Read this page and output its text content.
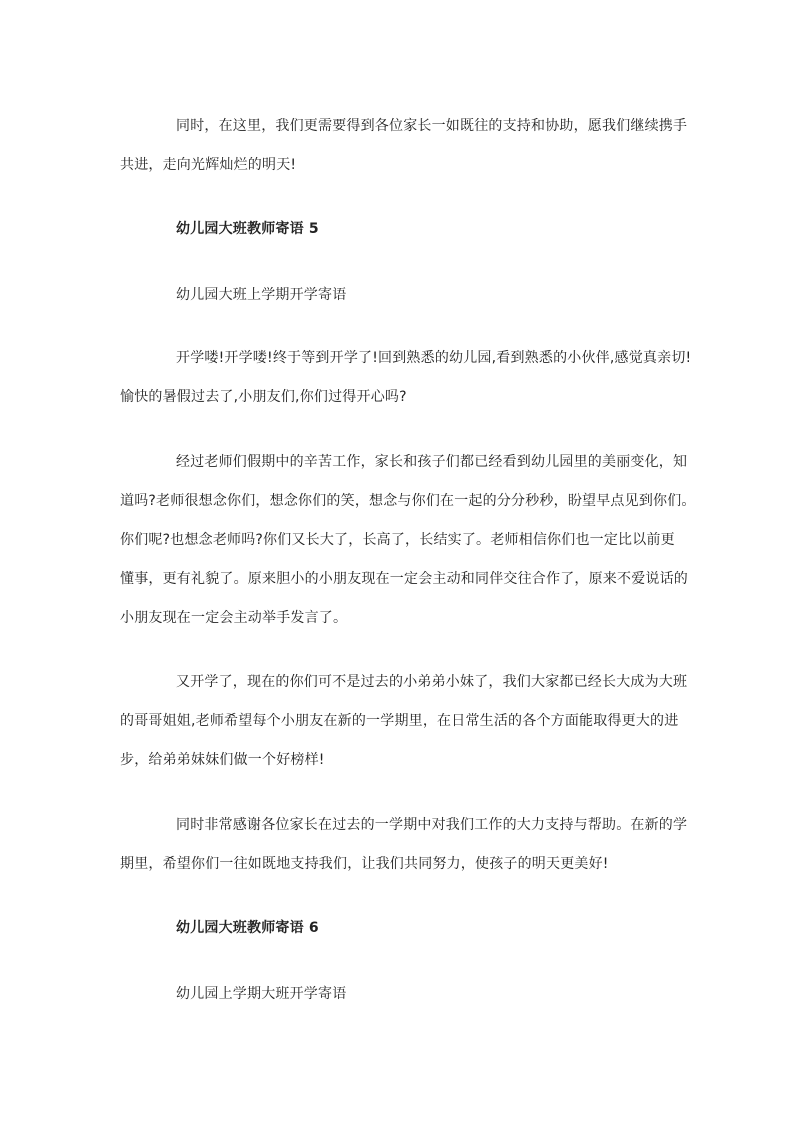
同时，在这里，我们更需要得到各位家长一如既往的支持和协助，愿我们继续携手
共进，走向光辉灿烂的明天!
幼儿园大班教师寄语 5
幼儿园大班上学期开学寄语
开学喽!开学喽!终于等到开学了!回到熟悉的幼儿园,看到熟悉的小伙伴,感觉真亲切!
愉快的暑假过去了,小朋友们,你们过得开心吗?
经过老师们假期中的辛苦工作，家长和孩子们都已经看到幼儿园里的美丽变化，知
道吗?老师很想念你们，想念你们的笑，想念与你们在一起的分分秒秒，盼望早点见到你们。
你们呢?也想念老师吗?你们又长大了，长高了，长结实了。老师相信你们也一定比以前更
懂事，更有礼貌了。原来胆小的小朋友现在一定会主动和同伴交往合作了，原来不爱说话的
小朋友现在一定会主动举手发言了。
又开学了，现在的你们可不是过去的小弟弟小妹了，我们大家都已经长大成为大班
的哥哥姐姐,老师希望每个小朋友在新的一学期里，在日常生活的各个方面能取得更大的进
步，给弟弟妹妹们做一个好榜样!
同时非常感谢各位家长在过去的一学期中对我们工作的大力支持与帮助。在新的学
期里，希望你们一往如既地支持我们，让我们共同努力，使孩子的明天更美好!
幼儿园大班教师寄语 6
幼儿园上学期大班开学寄语
